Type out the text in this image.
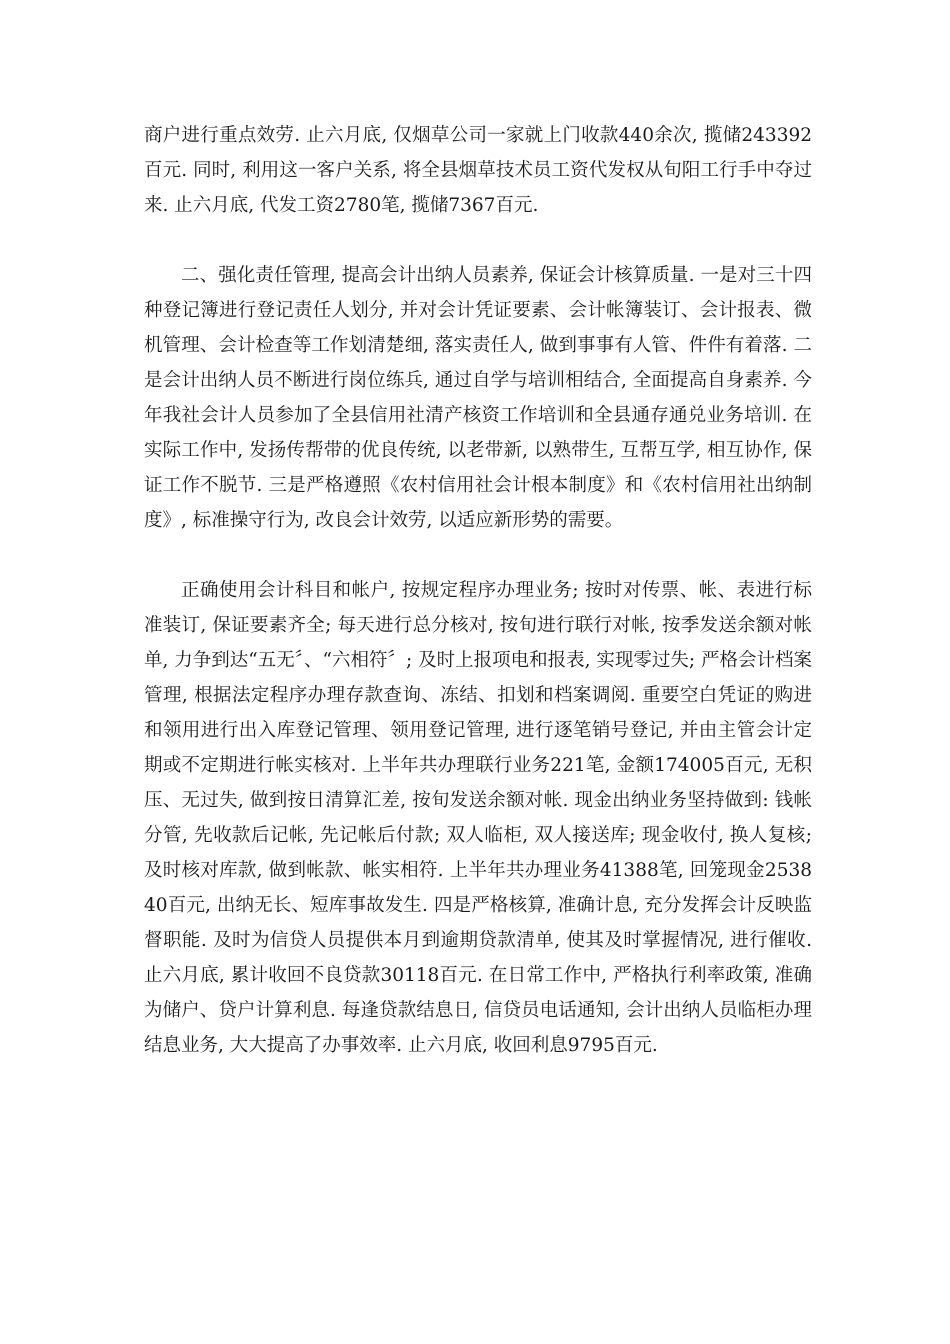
商户进行重点效劳. 止六月底, 仅烟草公司一家就上门收款440余次, 揽储243392百元. 同时, 利用这一客户关系, 将全县烟草技术员工资代发权从旬阳工行手中夺过来. 止六月底, 代发工资2780笔, 揽储7367百元.

二、强化责任管理, 提高会计出纳人员素养, 保证会计核算质量. 一是对三十四种登记簿进行登记责任人划分, 并对会计凭证要素、会计帐簿装订、会计报表、微机管理、会计检查等工作划清楚细, 落实责任人, 做到事事有人管、件件有着落. 二是会计出纳人员不断进行岗位练兵, 通过自学与培训相结合, 全面提高自身素养. 今年我社会计人员参加了全县信用社清产核资工作培训和全县通存通兑业务培训. 在实际工作中, 发扬传帮带的优良传统, 以老带新, 以熟带生, 互帮互学, 相互协作, 保证工作不脱节. 三是严格遵照《农村信用社会计根本制度》和《农村信用社出纳制度》, 标准操守行为, 改良会计效劳, 以适应新形势的需要。

正确使用会计科目和帐户, 按规定程序办理业务; 按时对传票、帐、表进行标准装订, 保证要素齐全; 每天进行总分核对, 按旬进行联行对帐, 按季发送余额对帐单, 力争到达“五无〞、“六相符〞; 及时上报项电和报表, 实现零过失; 严格会计档案管理, 根据法定程序办理存款查询、冻结、扣划和档案调阅. 重要空白凭证的购进和领用进行出入库登记管理、领用登记管理, 进行逐笔销号登记, 并由主管会计定期或不定期进行帐实核对. 上半年共办理联行业务221笔, 金额174005百元, 无积压、无过失, 做到按日清算汇差, 按旬发送余额对帐. 现金出纳业务坚持做到: 钱帐分管, 先收款后记帐, 先记帐后付款; 双人临柜, 双人接送库; 现金收付, 换人复核; 及时核对库款, 做到帐款、帐实相符. 上半年共办理业务41388笔, 回笼现金253840百元, 出纳无长、短库事故发生. 四是严格核算, 准确计息, 充分发挥会计反映监督职能. 及时为信贷人员提供本月到逾期贷款清单, 使其及时掌握情况, 进行催收. 止六月底, 累计收回不良贷款30118百元. 在日常工作中, 严格执行利率政策, 准确为储户、贷户计算利息. 每逢贷款结息日, 信贷员电话通知, 会计出纳人员临柜办理结息业务, 大大提高了办事效率. 止六月底, 收回利息9795百元.
